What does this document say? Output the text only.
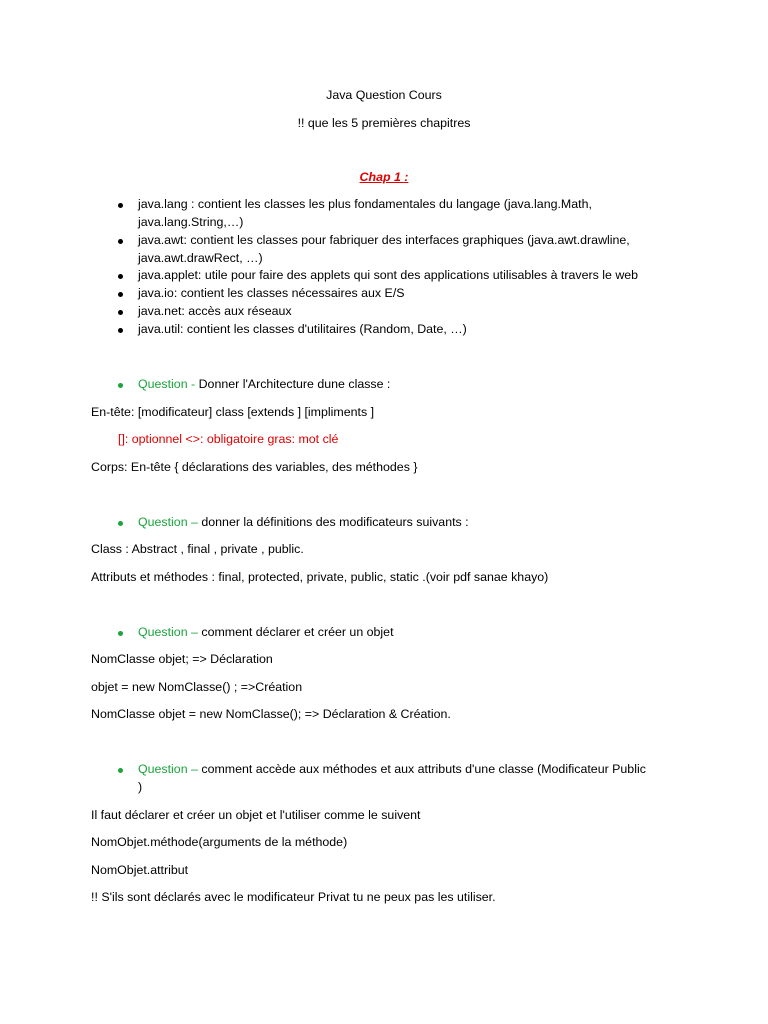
Java Question Cours
!! que les 5 premières chapitres
Chap 1 :
java.lang : contient les classes les plus fondamentales du langage (java.lang.Math,
java.lang.String,…)
java.awt: contient les classes pour fabriquer des interfaces graphiques (java.awt.drawline,
java.awt.drawRect, …)
java.applet: utile pour faire des applets qui sont des applications utilisables à travers le web
java.io: contient les classes nécessaires aux E/S
java.net: accès aux réseaux
java.util: contient les classes d'utilitaires (Random, Date, …)
Question - Donner l'Architecture dune classe :
En-tête: [modificateur] class [extends ] [impliments ]
[]: optionnel <>: obligatoire gras: mot clé
Corps: En-tête { déclarations des variables, des méthodes }
Question – donner la définitions des modificateurs suivants :
Class : Abstract , final , private , public.
Attributs et méthodes : final, protected, private, public, static .(voir pdf sanae khayo)
Question – comment déclarer et créer un objet
NomClasse objet; => Déclaration
objet = new NomClasse() ; =>Création
NomClasse objet = new NomClasse(); => Déclaration & Création.
Question – comment accède aux méthodes et aux attributs d'une classe (Modificateur Public
)
Il faut déclarer et créer un objet et l'utiliser comme le suivent
NomObjet.méthode(arguments de la méthode)
NomObjet.attribut
!! S'ils sont déclarés avec le modificateur Privat tu ne peux pas les utiliser.
